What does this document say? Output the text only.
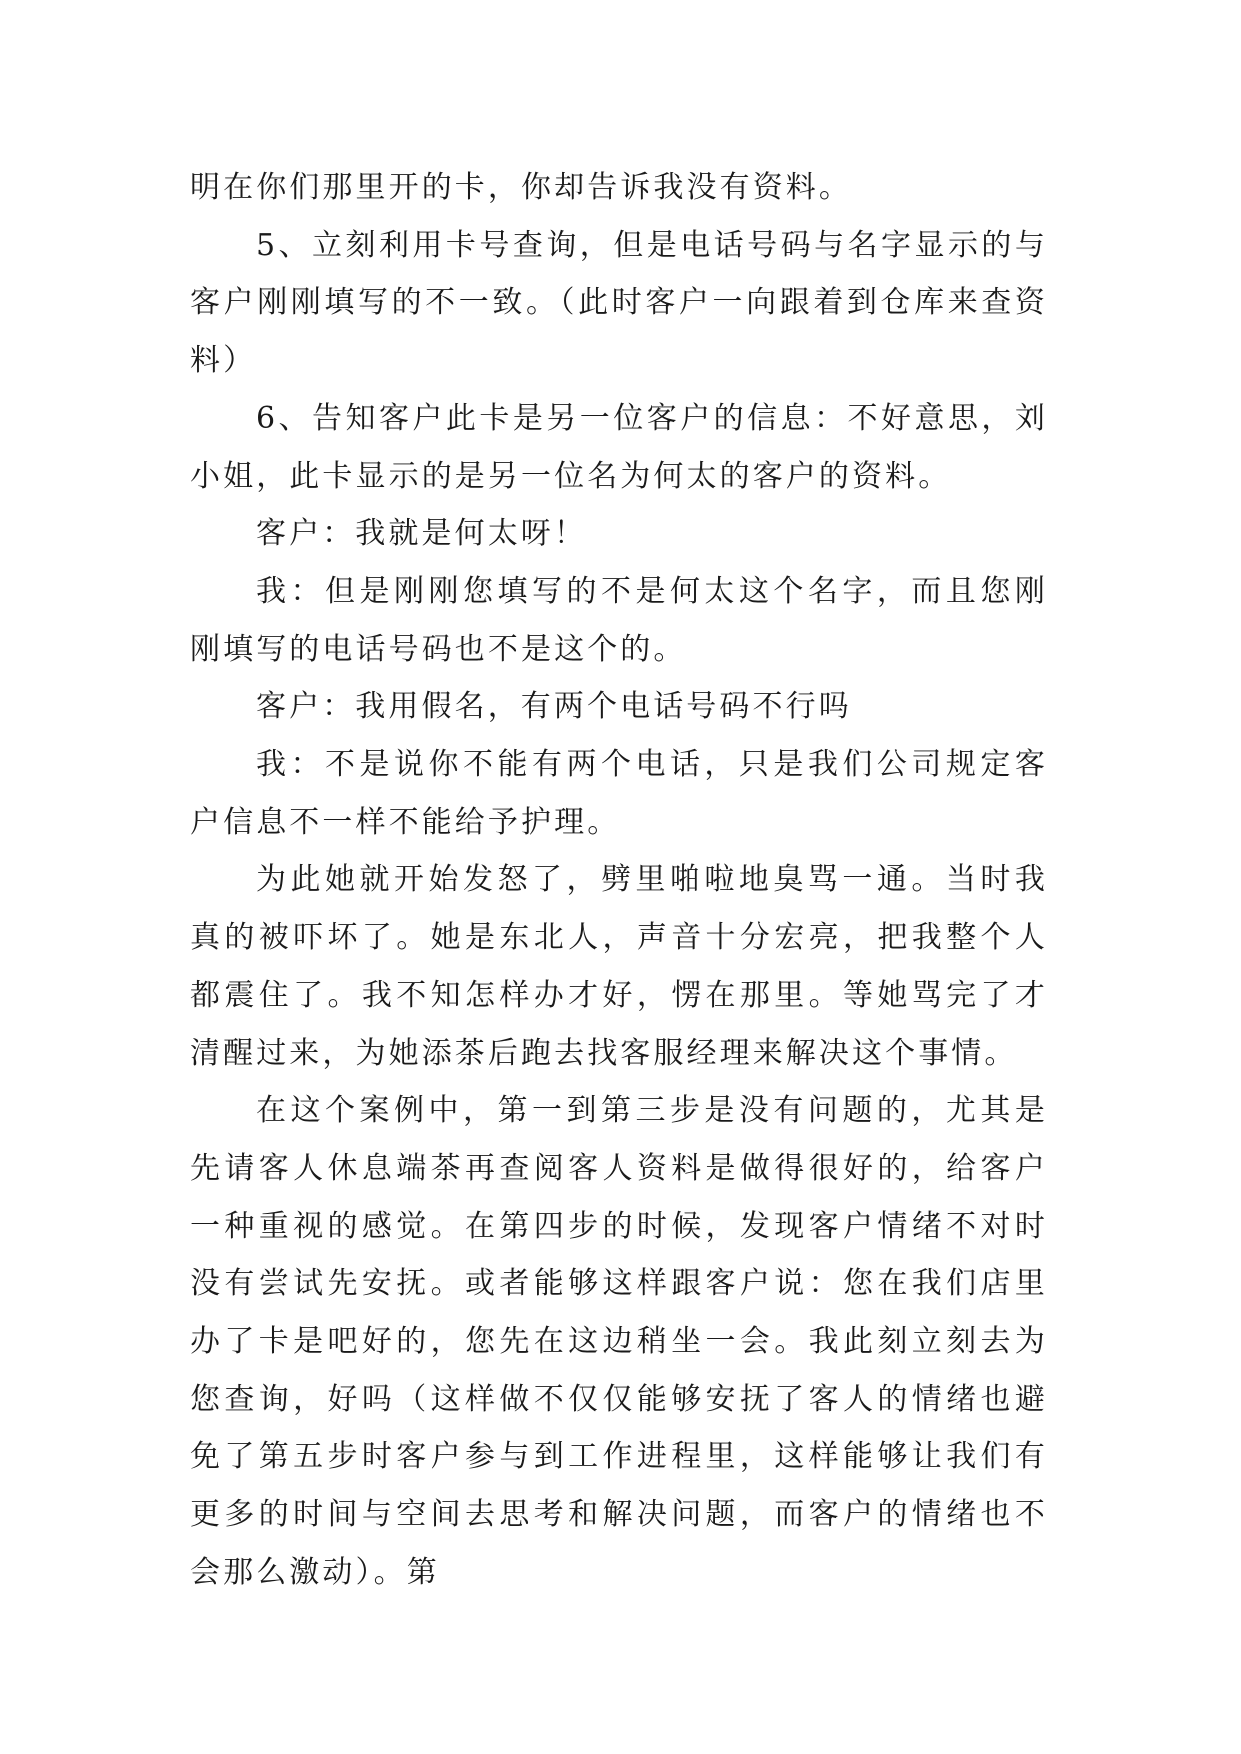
明在你们那里开的卡，你却告诉我没有资料。

5、立刻利用卡号查询，但是电话号码与名字显示的与客户刚刚填写的不一致。（此时客户一向跟着到仓库来查资料）

6、告知客户此卡是另一位客户的信息：不好意思，刘小姐，此卡显示的是另一位名为何太的客户的资料。

客户：我就是何太呀！

我：但是刚刚您填写的不是何太这个名字，而且您刚刚填写的电话号码也不是这个的。

客户：我用假名，有两个电话号码不行吗

我：不是说你不能有两个电话，只是我们公司规定客户信息不一样不能给予护理。

为此她就开始发怒了，劈里啪啦地臭骂一通。当时我真的被吓坏了。她是东北人，声音十分宏亮，把我整个人都震住了。我不知怎样办才好，愣在那里。等她骂完了才清醒过来，为她添茶后跑去找客服经理来解决这个事情。

在这个案例中，第一到第三步是没有问题的，尤其是先请客人休息端茶再查阅客人资料是做得很好的，给客户一种重视的感觉。在第四步的时候，发现客户情绪不对时没有尝试先安抚。或者能够这样跟客户说：您在我们店里办了卡是吧好的，您先在这边稍坐一会。我此刻立刻去为您查询，好吗（这样做不仅仅能够安抚了客人的情绪也避免了第五步时客户参与到工作进程里，这样能够让我们有更多的时间与空间去思考和解决问题，而客户的情绪也不会那么激动）。第
